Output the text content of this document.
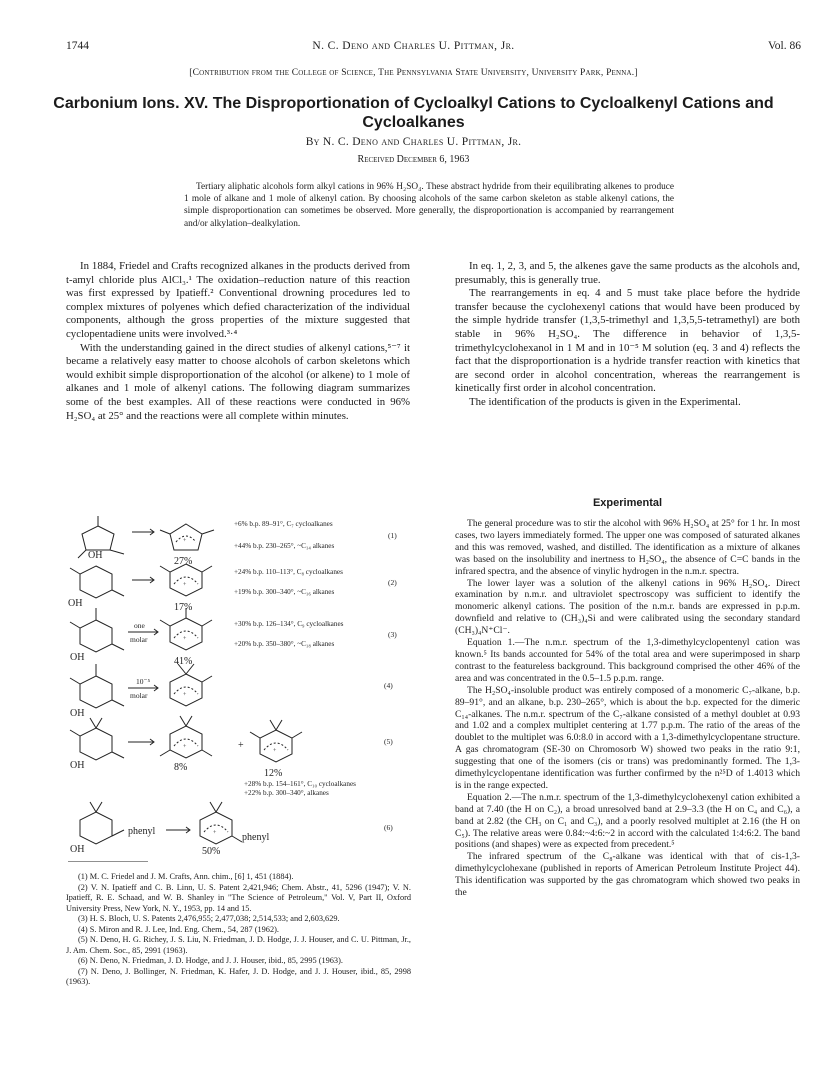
1744	N. C. Deno and Charles U. Pittman, Jr.	Vol. 86
[Contribution from the College of Science, The Pennsylvania State University, University Park, Penna.]
Carbonium Ions. XV. The Disproportionation of Cycloalkyl Cations to Cycloalkenyl Cations and Cycloalkanes
By N. C. Deno and Charles U. Pittman, Jr.
Received December 6, 1963
Tertiary aliphatic alcohols form alkyl cations in 96% H₂SO₄. These abstract hydride from their equilibrating alkenes to produce 1 mole of alkane and 1 mole of alkenyl cation. By choosing alcohols of the same carbon skeleton as stable alkenyl cations, the simple disproportionation can sometimes be observed. More generally, the disproportionation is accompanied by rearrangement and/or alkylation–dealkylation.

In 1884, Friedel and Crafts recognized alkanes in the products derived from t-amyl chloride plus AlCl₃.¹ The oxidation–reduction nature of this reaction was first expressed by Ipatieff.² Conventional drowning procedures led to complex mixtures of polyenes which defied characterization of the individual components, although the gross properties of the mixture suggested that cyclopentadiene units were involved.³·⁴

With the understanding gained in the direct studies of alkenyl cations,⁵⁻⁷ it became a relatively easy matter to choose alcohols of carbon skeletons which would exhibit simple disproportionation of the alcohol (or alkene) to 1 mole of alkanes and 1 mole of alkenyl cations. The following diagram summarizes some of the best examples. All of these reactions were conducted in 96% H₂SO₄ at 25° and the reactions were all complete within minutes.

In eq. 1, 2, 3, and 5, the alkenes gave the same products as the alcohols and, presumably, this is generally true.

The rearrangements in eq. 4 and 5 must take place before the hydride transfer because the cyclohexenyl cations that would have been produced by the simple hydride transfer (1,3,5-trimethyl and 1,3,5,5-tetramethyl) are both stable in 96% H₂SO₄. The difference in behavior of 1,3,5-trimethylcyclohexanol in 1 M and in 10⁻⁵ M solution (eq. 3 and 4) reflects the fact that the disproportionation is a hydride transfer reaction with kinetics that are second order in alcohol concentration, whereas the rearrangement is kinetically first order in alcohol concentration.

The identification of the products is given in the Experimental.

Experimental

The general procedure was to stir the alcohol with 96% H₂SO₄ at 25° for 1 hr. In most cases, two layers immediately formed. The upper one was composed of saturated alkanes and this was removed, washed, and distilled. The identification as a mixture of alkanes was based on the insolubility and inertness to H₂SO₄, the absence of C=C bands in the infrared spectra, and the absence of vinylic hydrogen in the n.m.r. spectra.

The lower layer was a solution of the alkenyl cations in 96% H₂SO₄. Direct examination by n.m.r. and ultraviolet spectroscopy was sufficient to identify the monomeric alkenyl cations. The position of the n.m.r. bands are expressed in p.p.m. downfield and relative to (CH₃)₄Si and were calibrated using the secondary standard (CH₃)₄N⁺Cl⁻.

Equation 1.—The n.m.r. spectrum of the 1,3-dimethylcyclopentenyl cation was known.⁵ Its bands accounted for 54% of the total area and were superimposed in sharp contrast to the featureless background. This background comprised the other 46% of the area and was concentrated in the 0.5–1.5 p.p.m. range.

The H₂SO₄-insoluble product was entirely composed of a monomeric C₇-alkane, b.p. 89–91°, and an alkane, b.p. 230–265°, which is about the b.p. expected for the dimeric C₁₄-alkanes. The n.m.r. spectrum of the C₇-alkane consisted of a methyl doublet at 0.93 and 1.02 and a complex multiplet centering at 1.77 p.p.m. The ratio of the areas of the doublet to the multiplet was 6.0:8.0 in accord with a 1,3-dimethylcyclopentane structure. A gas chromatogram (SE-30 on Chromosorb W) showed two peaks in the ratio 9:1, suggesting that one of the isomers (cis or trans) was predominantly formed. The 1,3-dimethylcyclopentane identification was further confirmed by the n²⁵D of 1.4013 which is in the range expected.

Equation 2.—The n.m.r. spectrum of the 1,3-dimethylcyclohexenyl cation exhibited a band at 7.40 (the H on C₂), a broad unresolved band at 2.9–3.3 (the H on C₄ and C₆), a band at 2.82 (the CH₃ on C₁ and C₃), and a poorly resolved multiplet at 2.16 (the H on C₅). The relative areas were 0.84:~4:6:~2 in accord with the calculated 1:4:6:2. The band positions (and shapes) were as expected from precedent.⁵

The infrared spectrum of the C₈-alkane was identical with that of cis-1,3-dimethylcyclohexane (published in reports of American Petroleum Institute Project 44). This identification was supported by the gas chromatogram which showed two peaks in the

+
+
+
+
+
+
+
OH
OH
OH
OH
OH
OH
27%
17%
41%
8%
12%
50%
+
phenyl
phenyl
one
molar
10⁻⁵
molar
+6% b.p. 89–91°, C₇ cycloalkanes
+44% b.p. 230–265°, ~C₁₄ alkanes
+24% b.p. 110–113°, C₈ cycloalkanes
+19% b.p. 300–340°, ~C₁₆ alkanes
+30% b.p. 126–134°, C₉ cycloalkanes
+20% b.p. 350–380°, ~C₁₈ alkanes
+28% b.p. 154–161°, C₁₀ cycloalkanes
+22% b.p. 300–340°, alkanes
(1)
(2)
(3)
(4)
(5)
(6)
(1) M. C. Friedel and J. M. Crafts, Ann. chim., [6] 1, 451 (1884).
(2) V. N. Ipatieff and C. B. Linn, U. S. Patent 2,421,946; Chem. Abstr., 41, 5296 (1947); V. N. Ipatieff, R. E. Schaad, and W. B. Shanley in "The Science of Petroleum," Vol. V, Part II, Oxford University Press, New York, N. Y., 1953, pp. 14 and 15.
(3) H. S. Bloch, U. S. Patents 2,476,955; 2,477,038; 2,514,533; and 2,603,629.
(4) S. Miron and R. J. Lee, Ind. Eng. Chem., 54, 287 (1962).
(5) N. Deno, H. G. Richey, J. S. Liu, N. Friedman, J. D. Hodge, J. J. Houser, and C. U. Pittman, Jr., J. Am. Chem. Soc., 85, 2991 (1963).
(6) N. Deno, N. Friedman, J. D. Hodge, and J. J. Houser, ibid., 85, 2995 (1963).
(7) N. Deno, J. Bollinger, N. Friedman, K. Hafer, J. D. Hodge, and J. J. Houser, ibid., 85, 2998 (1963).
